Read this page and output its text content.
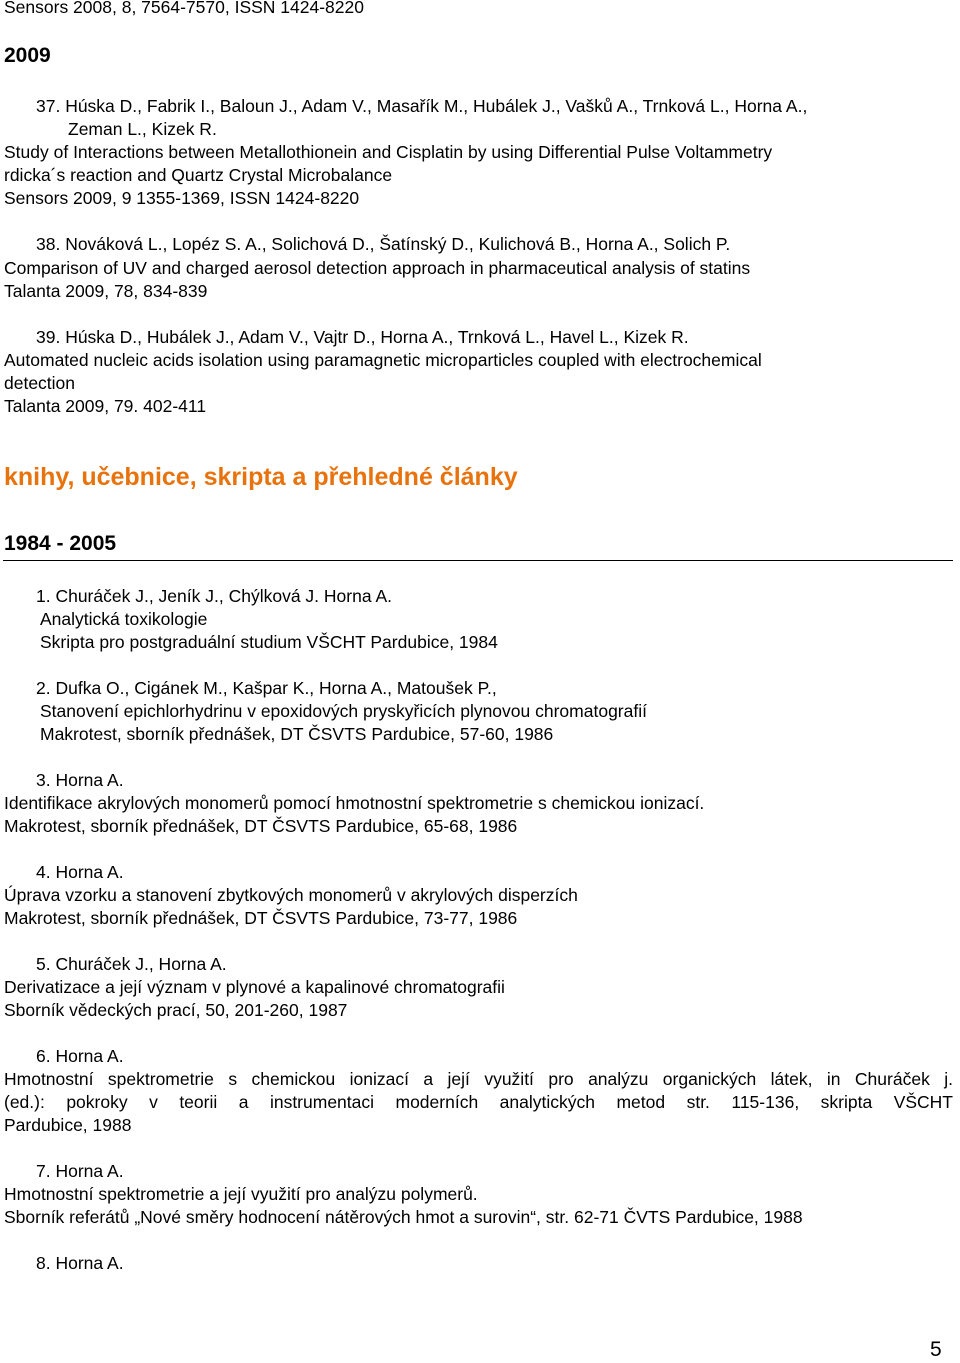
Sensors 2008, 8, 7564-7570, ISSN 1424-8220
2009
37. Húska D., Fabrik I., Baloun J., Adam V., Masařík M., Hubálek J., Vašků A., Trnková L., Horna A.,
Zeman L., Kizek R.
Study of Interactions between Metallothionein and Cisplatin by using Differential Pulse Voltammetry
rdicka´s reaction and Quartz Crystal Microbalance
Sensors 2009, 9 1355-1369, ISSN 1424-8220
38. Nováková L., Lopéz S. A., Solichová D., Šatínský D., Kulichová B., Horna A., Solich P.
Comparison of UV and charged aerosol detection approach in pharmaceutical analysis of statins
Talanta 2009, 78, 834-839
39. Húska D., Hubálek J., Adam V., Vajtr D., Horna A., Trnková L., Havel L., Kizek R.
Automated nucleic acids isolation using paramagnetic microparticles coupled with electrochemical
detection
Talanta 2009, 79. 402-411
knihy, učebnice, skripta a přehledné články
1984 - 2005
1. Churáček J., Jeník J., Chýlková J. Horna A.
Analytická toxikologie
Skripta pro postgraduální studium VŠCHT Pardubice, 1984
2. Dufka O., Cigánek M., Kašpar K., Horna A., Matoušek P.,
Stanovení epichlorhydrinu v epoxidových pryskyřicích plynovou chromatografií
Makrotest, sborník přednášek, DT ČSVTS Pardubice, 57-60, 1986
3. Horna A.
Identifikace akrylových monomerů pomocí hmotnostní spektrometrie s chemickou ionizací.
Makrotest, sborník přednášek, DT ČSVTS Pardubice, 65-68, 1986
4. Horna A.
Úprava vzorku a stanovení zbytkových monomerů v akrylových disperzích
Makrotest, sborník přednášek, DT ČSVTS Pardubice, 73-77, 1986
5. Churáček J., Horna A.
Derivatizace a její význam v plynové a kapalinové chromatografii
Sborník vědeckých prací, 50, 201-260, 1987
6. Horna A.
Hmotnostní spektrometrie s chemickou ionizací a její využití pro analýzu organických látek, in Churáček j.
(ed.): pokroky v teorii a instrumentaci moderních analytických metod str. 115-136, skripta VŠCHT
Pardubice, 1988
7. Horna A.
Hmotnostní spektrometrie a její využití pro analýzu polymerů.
Sborník referátů „Nové směry hodnocení nátěrových hmot a surovin“, str. 62-71 ČVTS Pardubice, 1988
8. Horna A.
5
